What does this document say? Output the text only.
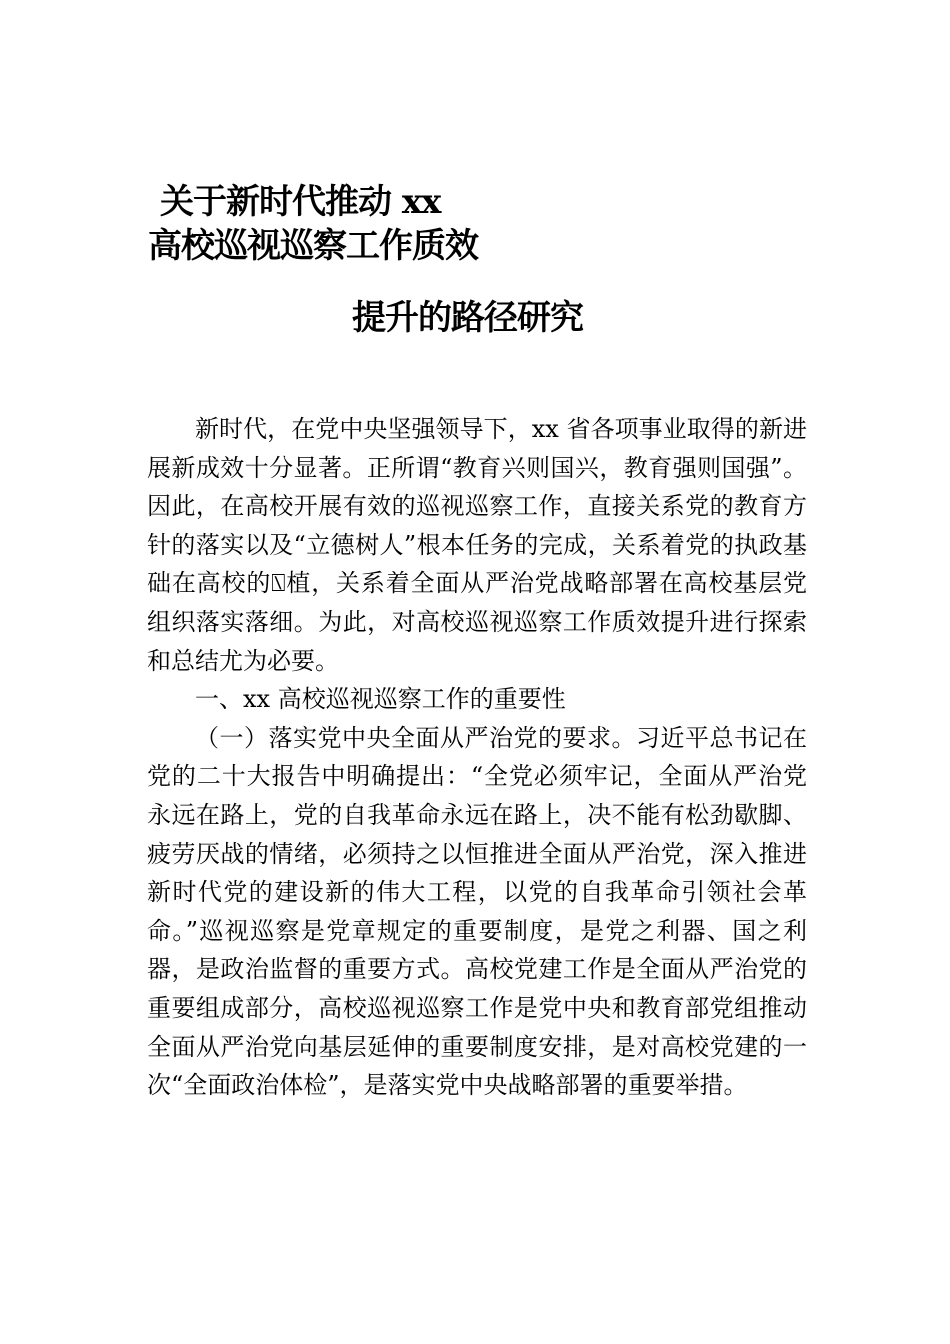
关于新时代推动 xx
高校巡视巡察工作质效
提升的路径研究

新时代，在党中央坚强领导下，xx 省各项事业取得的新进展新成效十分显著。正所谓“教育兴则国兴，教育强则国强”。因此，在高校开展有效的巡视巡察工作，直接关系党的教育方针的落实以及“立德树人”根本任务的完成，关系着党的执政基础在高校的⍂植，关系着全面从严治党战略部署在高校基层党组织落实落细。为此，对高校巡视巡察工作质效提升进行探索和总结尤为必要。

一、xx 高校巡视巡察工作的重要性

（一）落实党中央全面从严治党的要求。习近平总书记在党的二十大报告中明确提出：“全党必须牢记，全面从严治党永远在路上，党的自我革命永远在路上，决不能有松劲歇脚、疲劳厌战的情绪，必须持之以恒推进全面从严治党，深入推进新时代党的建设新的伟大工程，以党的自我革命引领社会革命。”巡视巡察是党章规定的重要制度，是党之利器、国之利器，是政治监督的重要方式。高校党建工作是全面从严治党的重要组成部分，高校巡视巡察工作是党中央和教育部党组推动全面从严治党向基层延伸的重要制度安排，是对高校党建的一次“全面政治体检”，是落实党中央战略部署的重要举措。
